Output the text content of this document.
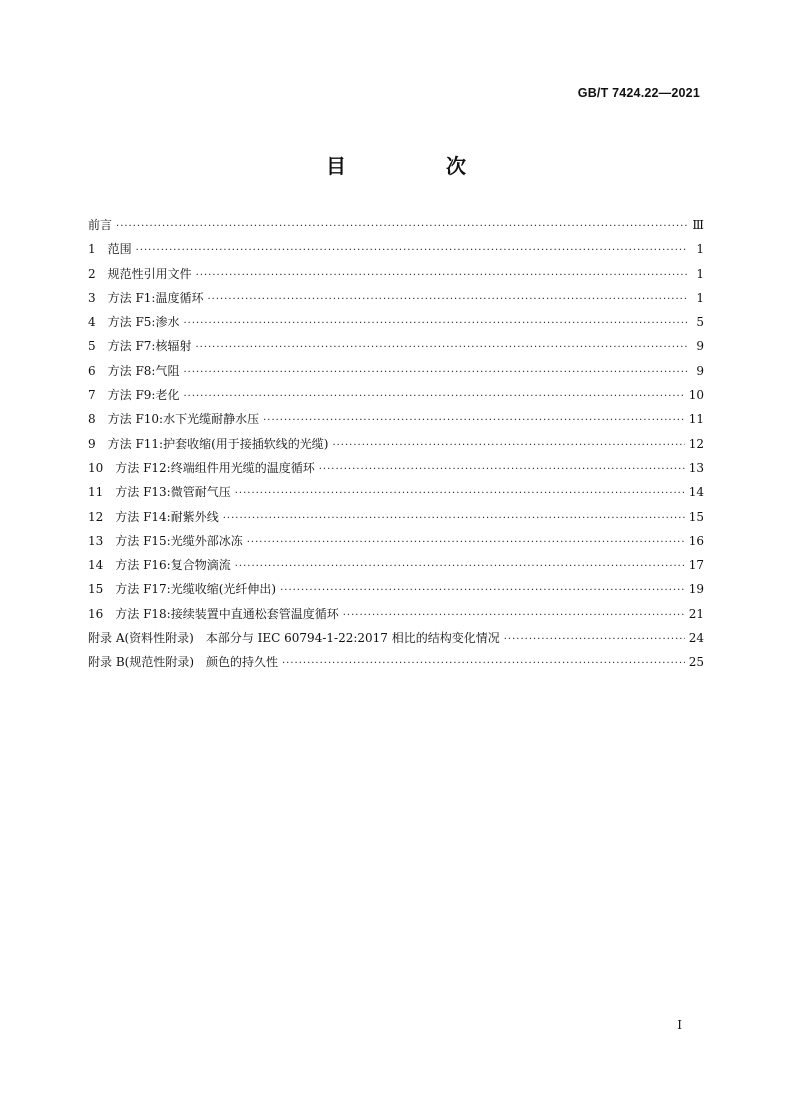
GB/T 7424.22—2021
目　次
前言 ·····	Ⅲ
1　范围 ·····	1
2　规范性引用文件 ·····	1
3　方法 F1:温度循环 ·····	1
4　方法 F5:渗水 ·····	5
5　方法 F7:核辐射 ·····	9
6　方法 F8:气阻 ·····	9
7　方法 F9:老化 ·····	10
8　方法 F10:水下光缆耐静水压 ·····	11
9　方法 F11:护套收缩(用于接插软线的光缆) ·····	12
10　方法 F12:终端组件用光缆的温度循环 ·····	13
11　方法 F13:微管耐气压 ·····	14
12　方法 F14:耐紫外线 ·····	15
13　方法 F15:光缆外部冰冻 ·····	16
14　方法 F16:复合物滴流 ·····	17
15　方法 F17:光缆收缩(光纤伸出) ·····	19
16　方法 F18:接续装置中直通松套管温度循环 ·····	21
附录 A(资料性附录)　本部分与 IEC 60794-1-22:2017 相比的结构变化情况 ·····	24
附录 B(规范性附录)　颜色的持久性 ·····	25
I
